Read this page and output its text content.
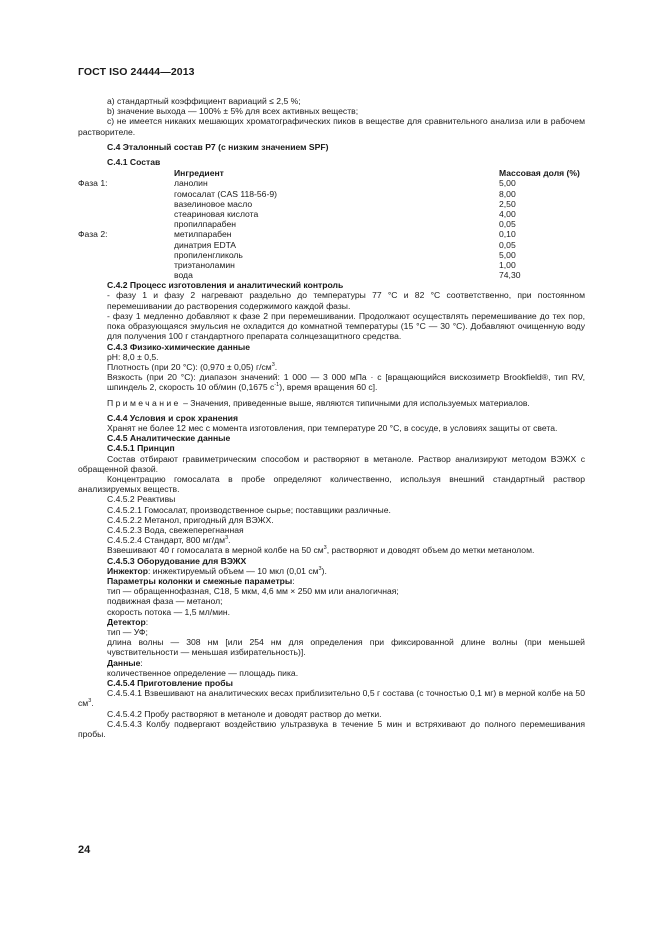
ГОСТ ISO 24444—2013

a) стандартный коэффициент вариаций ≤ 2,5 %;

b) значение выхода — 100% ± 5% для всех активных веществ;

c) не имеется никаких мешающих хроматографических пиков в веществе для сравнительного анализа или в рабочем растворителе.

С.4 Эталонный состав Р7 (с низким значением SPF)

С.4.1 Состав

Ингредиент	Массовая доля (%)
Фаза 1:	ланолин	5,00
гомосалат (CAS 118-56-9)	8,00
вазелиновое масло	2,50
стеариновая кислота	4,00
пропилпарабен	0,05
Фаза 2:	метилпарабен	0,10
динатрия EDTA	0,05
пропиленгликоль	5,00
триэтаноламин	1,00
вода	74,30

С.4.2 Процесс изготовления и аналитический контроль

- фазу 1 и фазу 2 нагревают раздельно до температуры 77 °C и 82 °C соответственно, при постоянном перемешивании до растворения содержимого каждой фазы.

- фазу 1 медленно добавляют к фазе 2 при перемешивании. Продолжают осуществлять перемешивание до тех пор, пока образующаяся эмульсия не охладится до комнатной температуры (15 °C — 30 °C). Добавляют очищенную воду для получения 100 г стандартного препарата солнцезащитного средства.

С.4.3 Физико-химические данные

pH: 8,0 ± 0,5.

Плотность (при 20 °C): (0,970 ± 0,05) $г/см^3$.

Вязкость (при 20 °C): диапазон значений: 1 000 — 3 000 мПа · с [вращающийся вискозиметр Brookfield®, тип RV, шпиндель 2, скорость 10 об/мин (0,1675 $с^{-1}$), время вращения 60 с].

Примечание – Значения, приведенные выше, являются типичными для используемых материалов.

С.4.4 Условия и срок хранения

Хранят не более 12 мес с момента изготовления, при температуре 20 °C, в сосуде, в условиях защиты от света.

С.4.5 Аналитические данные

С.4.5.1 Принцип

Состав отбирают гравиметрическим способом и растворяют в метаноле. Раствор анализируют методом ВЭЖХ с обращенной фазой.

Концентрацию гомосалата в пробе определяют количественно, используя внешний стандартный раствор анализируемых веществ.

С.4.5.2 Реактивы

С.4.5.2.1 Гомосалат, производственное сырье; поставщики различные.

С.4.5.2.2 Метанол, пригодный для ВЭЖХ.

С.4.5.2.3 Вода, свежеперегнанная

С.4.5.2.4 Стандарт, 800 $мг/дм^3$.

Взвешивают 40 г гомосалата в мерной колбе на 50 $см^3$, растворяют и доводят объем до метки метанолом.

С.4.5.3 Оборудование для ВЭЖХ

Инжектор: инжектируемый объем — 10 мкл (0,01 $см^3$).

Параметры колонки и смежные параметры:

тип — обращеннофазная, С18, 5 мкм, 4,6 мм × 250 мм или аналогичная;

подвижная фаза — метанол;

скорость потока — 1,5 мл/мин.

Детектор:

тип — УФ;

длина волны — 308 нм [или 254 нм для определения при фиксированной длине волны (при меньшей чувствительности — меньшая избирательность)].

Данные:

количественное определение — площадь пика.

С.4.5.4 Приготовление пробы

С.4.5.4.1 Взвешивают на аналитических весах приблизительно 0,5 г состава (с точностью 0,1 мг) в мерной колбе на 50 $см^3$.

С.4.5.4.2 Пробу растворяют в метаноле и доводят раствор до метки.

С.4.5.4.3 Колбу подвергают воздействию ультразвука в течение 5 мин и встряхивают до полного перемешивания пробы.

24
